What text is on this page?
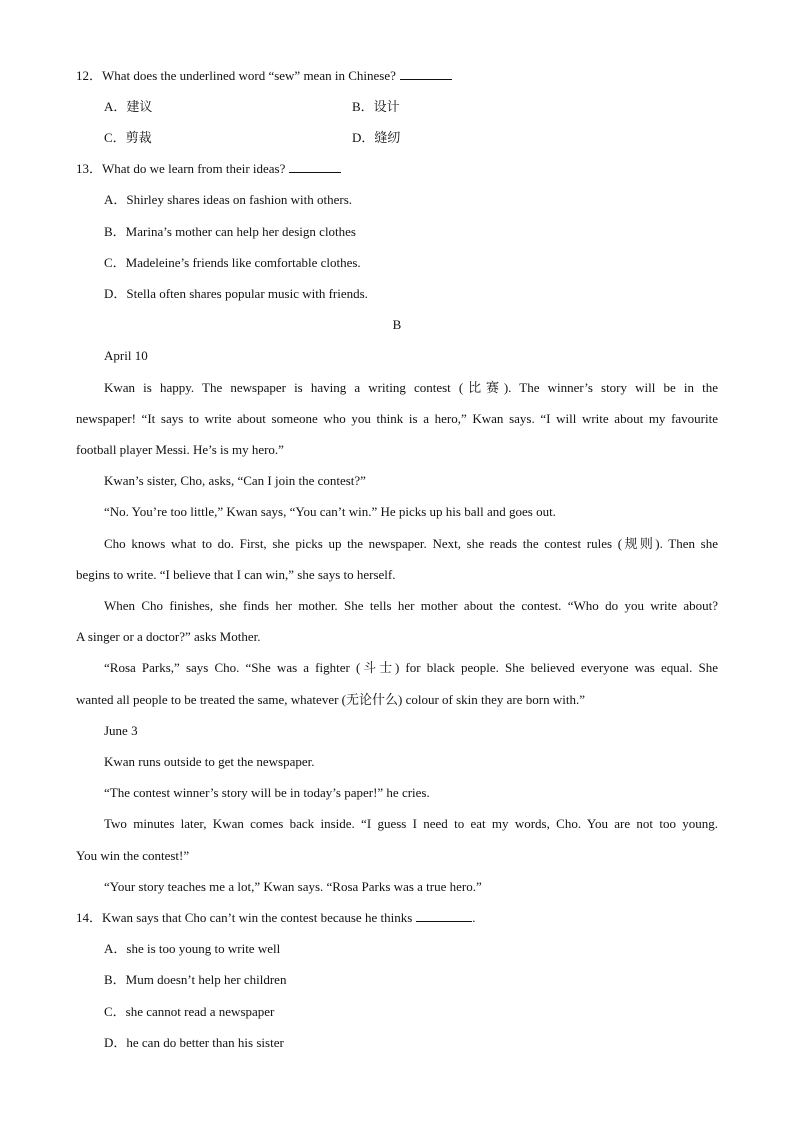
12．What does the underlined word “sew” mean in Chinese?
A．建议	B．设计
C．剪裁	D．缝纫
13．What do we learn from their ideas?
A．Shirley shares ideas on fashion with others.
B．Marina’s mother can help her design clothes
C．Madeleine’s friends like comfortable clothes.
D．Stella often shares popular music with friends.
B
April 10
Kwan is happy. The newspaper is having a writing contest (比赛). The winner’s story will be in the
newspaper! “It says to write about someone who you think is a hero,” Kwan says. “I will write about my favourite
football player Messi. He’s is my hero.”
Kwan’s sister, Cho, asks, “Can I join the contest?”
“No. You’re too little,” Kwan says, “You can’t win.” He picks up his ball and goes out.
Cho knows what to do. First, she picks up the newspaper. Next, she reads the contest rules (规则). Then she
begins to write. “I believe that I can win,” she says to herself.
When Cho finishes, she finds her mother. She tells her mother about the contest. “Who do you write about?
A singer or a doctor?” asks Mother.
“Rosa Parks,” says Cho. “She was a fighter (斗士) for black people. She believed everyone was equal. She
wanted all people to be treated the same, whatever (无论什么) colour of skin they are born with.”
June 3
Kwan runs outside to get the newspaper.
“The contest winner’s story will be in today’s paper!” he cries.
Two minutes later, Kwan comes back inside. “I guess I need to eat my words, Cho. You are not too young.
You win the contest!”
“Your story teaches me a lot,” Kwan says. “Rosa Parks was a true hero.”
14．Kwan says that Cho can’t win the contest because he thinks	.
A．she is too young to write well
B．Mum doesn’t help her children
C．she cannot read a newspaper
D．he can do better than his sister
